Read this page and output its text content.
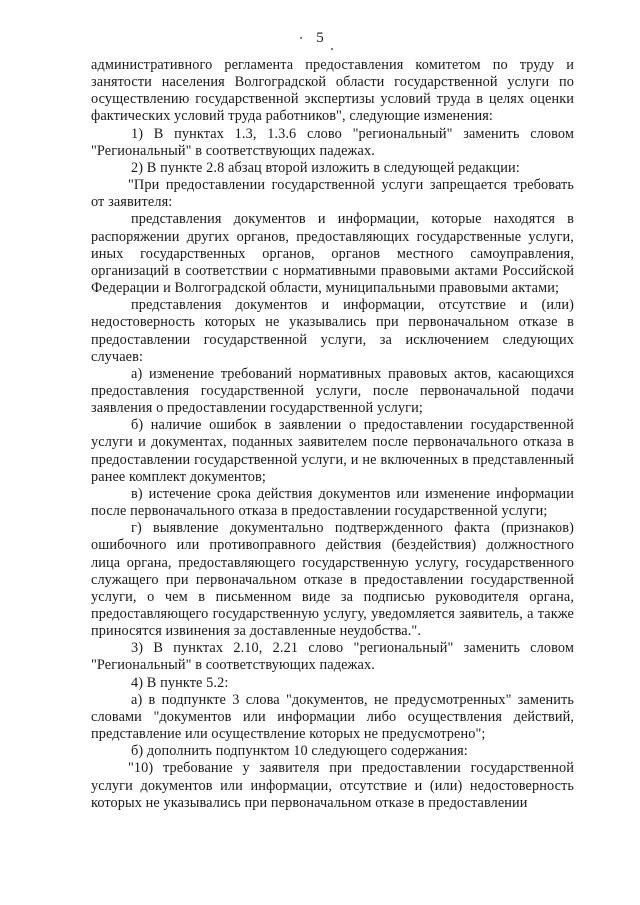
5

административного регламента предоставления комитетом по труду и занятости населения Волгоградской области государственной услуги по осуществлению государственной экспертизы условий труда в целях оценки фактических условий труда работников", следующие изменения:

1) В пунктах 1.3, 1.3.6 слово "региональный" заменить словом "Региональный" в соответствующих падежах.

2) В пункте 2.8 абзац второй изложить в следующей редакции:

"При предоставлении государственной услуги запрещается требовать от заявителя:

представления документов и информации, которые находятся в распоряжении других органов, предоставляющих государственные услуги, иных государственных органов, органов местного самоуправления, организаций в соответствии с нормативными правовыми актами Российской Федерации и Волгоградской области, муниципальными правовыми актами;

представления документов и информации, отсутствие и (или) недостоверность которых не указывались при первоначальном отказе в предоставлении государственной услуги, за исключением следующих случаев:

а) изменение требований нормативных правовых актов, касающихся предоставления государственной услуги, после первоначальной подачи заявления о предоставлении государственной услуги;

б) наличие ошибок в заявлении о предоставлении государственной услуги и документах, поданных заявителем после первоначального отказа в предоставлении государственной услуги, и не включенных в представленный ранее комплект документов;

в) истечение срока действия документов или изменение информации после первоначального отказа в предоставлении государственной услуги;

г) выявление документально подтвержденного факта (признаков) ошибочного или противоправного действия (бездействия) должностного лица органа, предоставляющего государственную услугу, государственного служащего при первоначальном отказе в предоставлении государственной услуги, о чем в письменном виде за подписью руководителя органа, предоставляющего государственную услугу, уведомляется заявитель, а также приносятся извинения за доставленные неудобства.".

3) В пунктах 2.10, 2.21 слово "региональный" заменить словом "Региональный" в соответствующих падежах.

4) В пункте 5.2:

а) в подпункте 3 слова "документов, не предусмотренных" заменить словами "документов или информации либо осуществления действий, представление или осуществление которых не предусмотрено";

б) дополнить подпунктом 10 следующего содержания:

"10) требование у заявителя при предоставлении государственной услуги документов или информации, отсутствие и (или) недостоверность которых не указывались при первоначальном отказе в предоставлении
